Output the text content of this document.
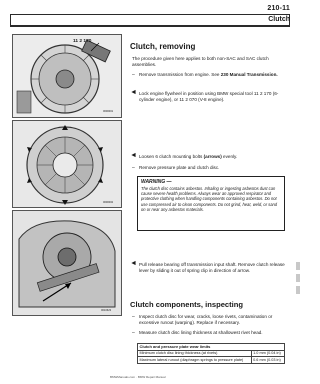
210-11
Clutch
11 2 170
0000001
Clutch, removing
The procedure given here applies to both non-SAC and SAC clutch assemblies.
– Remove transmission from engine. See 230 Manual Transmission.
◄ Lock engine flywheel in position using BMW special tool 11 2 170 (6-cylinder engine), or 11 2 070 (V-8 engine).
0000002
◄ Loosen 6 clutch mounting bolts (arrows) evenly.
– Remove pressure plate and clutch disc.
WARNING —
The clutch disc contains asbestos. Inhaling or ingesting asbestos dust can cause severe health problems. Always wear an approved respirator and protective clothing when handling components containing asbestos. Do not use compressed air to clean components. Do not grind, heat, weld, or sand on or near any asbestos materials.
0010623
◄ Pull release bearing off transmission input shaft. Remove clutch release lever by sliding it out of spring clip in direction of arrow.
Clutch components, inspecting
– Inspect clutch disc for wear, cracks, loose rivets, contamination or excessive runout (warping). Replace if necessary.
– Measure clutch disc lining thickness at shallowest rivet head.
Clutch and pressure plate wear limits	
Minimum clutch disc lining thickness (at rivets)	1.0 mm (0.04 in)
Maximum lateral runout (diaphragm springs to pressure plate)	0.6 mm (0.03 in)
BMWManuals.com · BMW Repair Manual
